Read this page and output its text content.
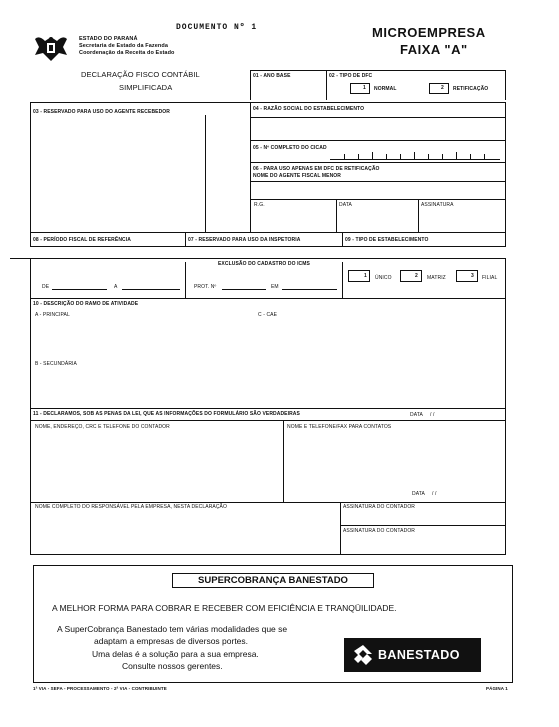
DOCUMENTO Nº 1
ESTADO DO PARANÁ
Secretaria de Estado da Fazenda
Coordenação da Receita do Estado
DECLARAÇÃO FISCO CONTÁBIL
SIMPLIFICADA
MICROEMPRESA
FAIXA "A"
01 - ANO BASE	02 - TIPO DE DFC
1 NORMAL	2 RETIFICAÇÃO
03 - RESERVADO PARA USO DO AGENTE RECEBEDOR	04 - RAZÃO SOCIAL DO ESTABELECIMENTO
05 - Nº COMPLETO DO CICAD
06 - PARA USO APENAS EM DFC DE RETIFICAÇÃO
NOME DO AGENTE FISCAL MENOR
R.G.	DATA	ASSINATURA
08 - PERÍODO FISCAL DE REFERÊNCIA	07 - RESERVADO PARA USO DA INSPETORIA	09 - TIPO DE ESTABELECIMENTO
EXCLUSÃO DO CADASTRO DO ICMS
DE	A	PROT. Nº	EM
1 ÚNICO	2 MATRIZ	3 FILIAL
10 - DESCRIÇÃO DO RAMO DE ATIVIDADE
A - PRINCIPAL	C - CAE
B - SECUNDÁRIA
11 - DECLARAMOS, SOB AS PENAS DA LEI, QUE AS INFORMAÇÕES DO FORMULÁRIO SÃO VERDADEIRAS	DATA / /
NOME, ENDEREÇO, CRC E TELEFONE DO CONTADOR	NOME E TELEFONE/FAX PARA CONTATOS
DATA / /
NOME COMPLETO DO RESPONSÁVEL PELA EMPRESA, NESTA DECLARAÇÃO	ASSINATURA DO CONTADOR
ASSINATURA DO CONTADOR
SUPERCOBRANÇA BANESTADO
A MELHOR FORMA PARA COBRAR E RECEBER COM EFICIÊNCIA E TRANQÜILIDADE.
A SuperCobrança Banestado tem várias modalidades que se
adaptam a empresas de diversos portes.
Uma delas é a solução para a sua empresa.
Consulte nossos gerentes.
BANESTADO
1ª VIA - SEFA - PROCESSAMENTO - 2ª VIA - CONTRIBUINTE	PÁGINA 1
